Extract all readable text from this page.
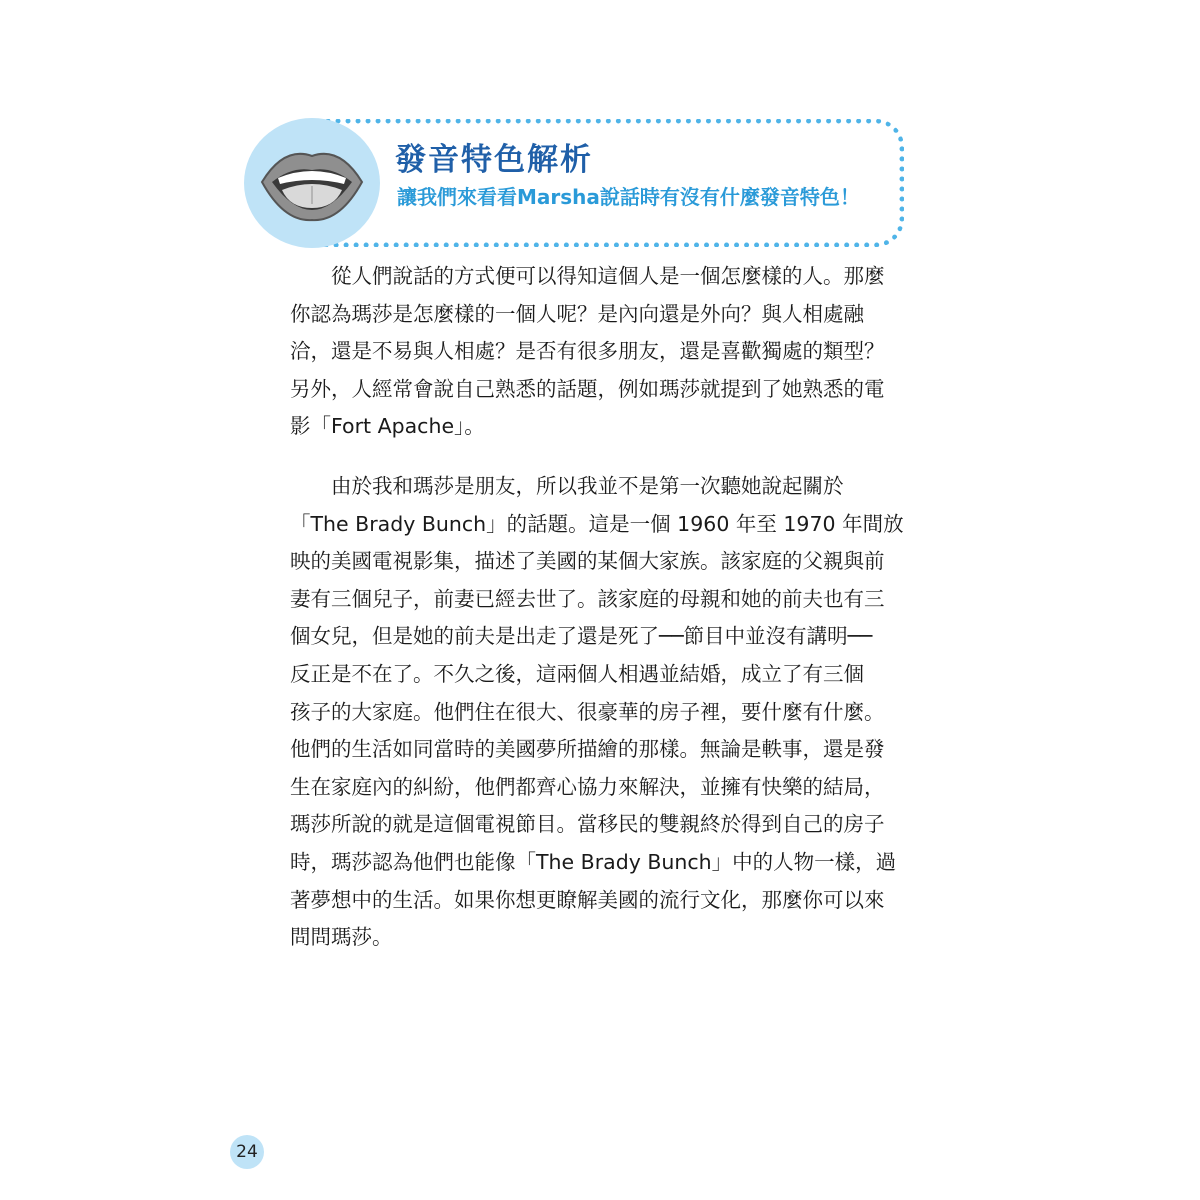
發音特色解析
讓我們來看看Marsha說話時有沒有什麼發音特色！
　　從人們說話的方式便可以得知這個人是一個怎麼樣的人。那麼
你認為瑪莎是怎麼樣的一個人呢？是內向還是外向？與人相處融
洽，還是不易與人相處？是否有很多朋友，還是喜歡獨處的類型？
另外，人經常會說自己熟悉的話題，例如瑪莎就提到了她熟悉的電
影「Fort Apache」。
　　由於我和瑪莎是朋友，所以我並不是第一次聽她說起關於
「The Brady Bunch」的話題。這是一個 1960 年至 1970 年間放
映的美國電視影集，描述了美國的某個大家族。該家庭的父親與前
妻有三個兒子，前妻已經去世了。該家庭的母親和她的前夫也有三
個女兒，但是她的前夫是出走了還是死了──節目中並沒有講明──
反正是不在了。不久之後，這兩個人相遇並結婚，成立了有三個
孩子的大家庭。他們住在很大、很豪華的房子裡，要什麼有什麼。
他們的生活如同當時的美國夢所描繪的那樣。無論是軼事，還是發
生在家庭內的糾紛，他們都齊心協力來解決，並擁有快樂的結局，
瑪莎所說的就是這個電視節目。當移民的雙親終於得到自己的房子
時，瑪莎認為他們也能像「The Brady Bunch」中的人物一樣，過
著夢想中的生活。如果你想更瞭解美國的流行文化，那麼你可以來
問問瑪莎。
24
